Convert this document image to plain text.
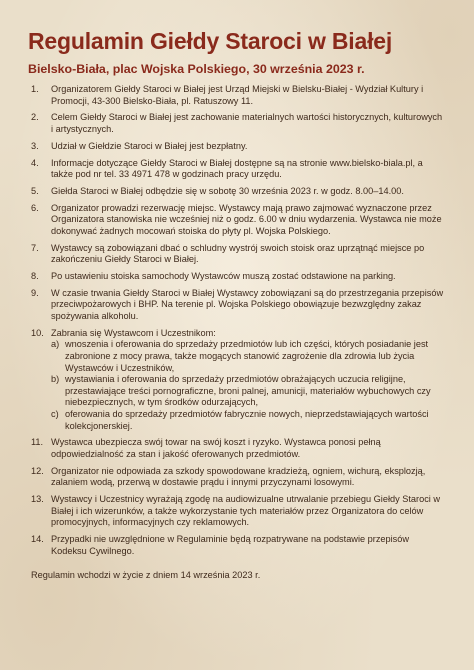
Regulamin Giełdy Staroci w Białej
Bielsko-Biała, plac Wojska Polskiego, 30 września 2023 r.
1.	Organizatorem Giełdy Staroci w Białej jest Urząd Miejski w Bielsku-Białej - Wydział Kultury i Promocji, 43-300 Bielsko-Biała, pl. Ratuszowy 11.
2.	Celem Giełdy Staroci w Białej jest zachowanie materialnych wartości historycznych, kulturowych i artystycznych.
3.	Udział w Giełdzie Staroci w Białej jest bezpłatny.
4.	Informacje dotyczące Giełdy Staroci w Białej dostępne są na stronie www.bielsko-biala.pl, a także pod nr tel. 33 4971 478 w godzinach pracy urzędu.
5.	Giełda Staroci w Białej odbędzie się w sobotę 30 września 2023 r. w godz. 8.00–14.00.
6.	Organizator prowadzi rezerwację miejsc. Wystawcy mają prawo zajmować wyznaczone przez Organizatora stanowiska nie wcześniej niż o godz. 6.00 w dniu wydarzenia. Wystawca nie może dokonywać żadnych mocowań stoiska do płyty pl. Wojska Polskiego.
7.	Wystawcy są zobowiązani dbać o schludny wystrój swoich stoisk oraz uprzątnąć miejsce po zakończeniu Giełdy Staroci w Białej.
8.	Po ustawieniu stoiska samochody Wystawców muszą zostać odstawione na parking.
9.	W czasie trwania Giełdy Staroci w Białej Wystawcy zobowiązani są do przestrzegania przepisów przeciwpożarowych i BHP. Na terenie pl. Wojska Polskiego obowiązuje bezwzględny zakaz spożywania alkoholu.
10. Zabrania się Wystawcom i Uczestnikom:
a) wnoszenia i oferowania do sprzedaży przedmiotów lub ich części, których posiadanie jest zabronione z mocy prawa, także mogących stanowić zagrożenie dla zdrowia lub życia Wystawców i Uczestników,
b) wystawiania i oferowania do sprzedaży przedmiotów obrażających uczucia religijne, przestawiające treści pornograficzne, broni palnej, amunicji, materiałów wybuchowych czy niebezpiecznych, w tym środków odurzających,
c) oferowania do sprzedaży przedmiotów fabrycznie nowych, nieprzedstawiających wartości kolekcjonerskiej.
11. Wystawca ubezpiecza swój towar na swój koszt i ryzyko. Wystawca ponosi pełną odpowiedzialność za stan i jakość oferowanych przedmiotów.
12. Organizator nie odpowiada za szkody spowodowane kradzieżą, ogniem, wichurą, eksplozją, zalaniem wodą, przerwą w dostawie prądu i innymi przyczynami losowymi.
13. Wystawcy i Uczestnicy wyrażają zgodę na audiowizualne utrwalanie przebiegu Giełdy Staroci w Białej i ich wizerunków, a także wykorzystanie tych materiałów przez Organizatora do celów promocyjnych, informacyjnych czy reklamowych.
14. Przypadki nie uwzględnione w Regulaminie będą rozpatrywane na podstawie przepisów Kodeksu Cywilnego.
Regulamin wchodzi w życie z dniem 14 września 2023 r.
